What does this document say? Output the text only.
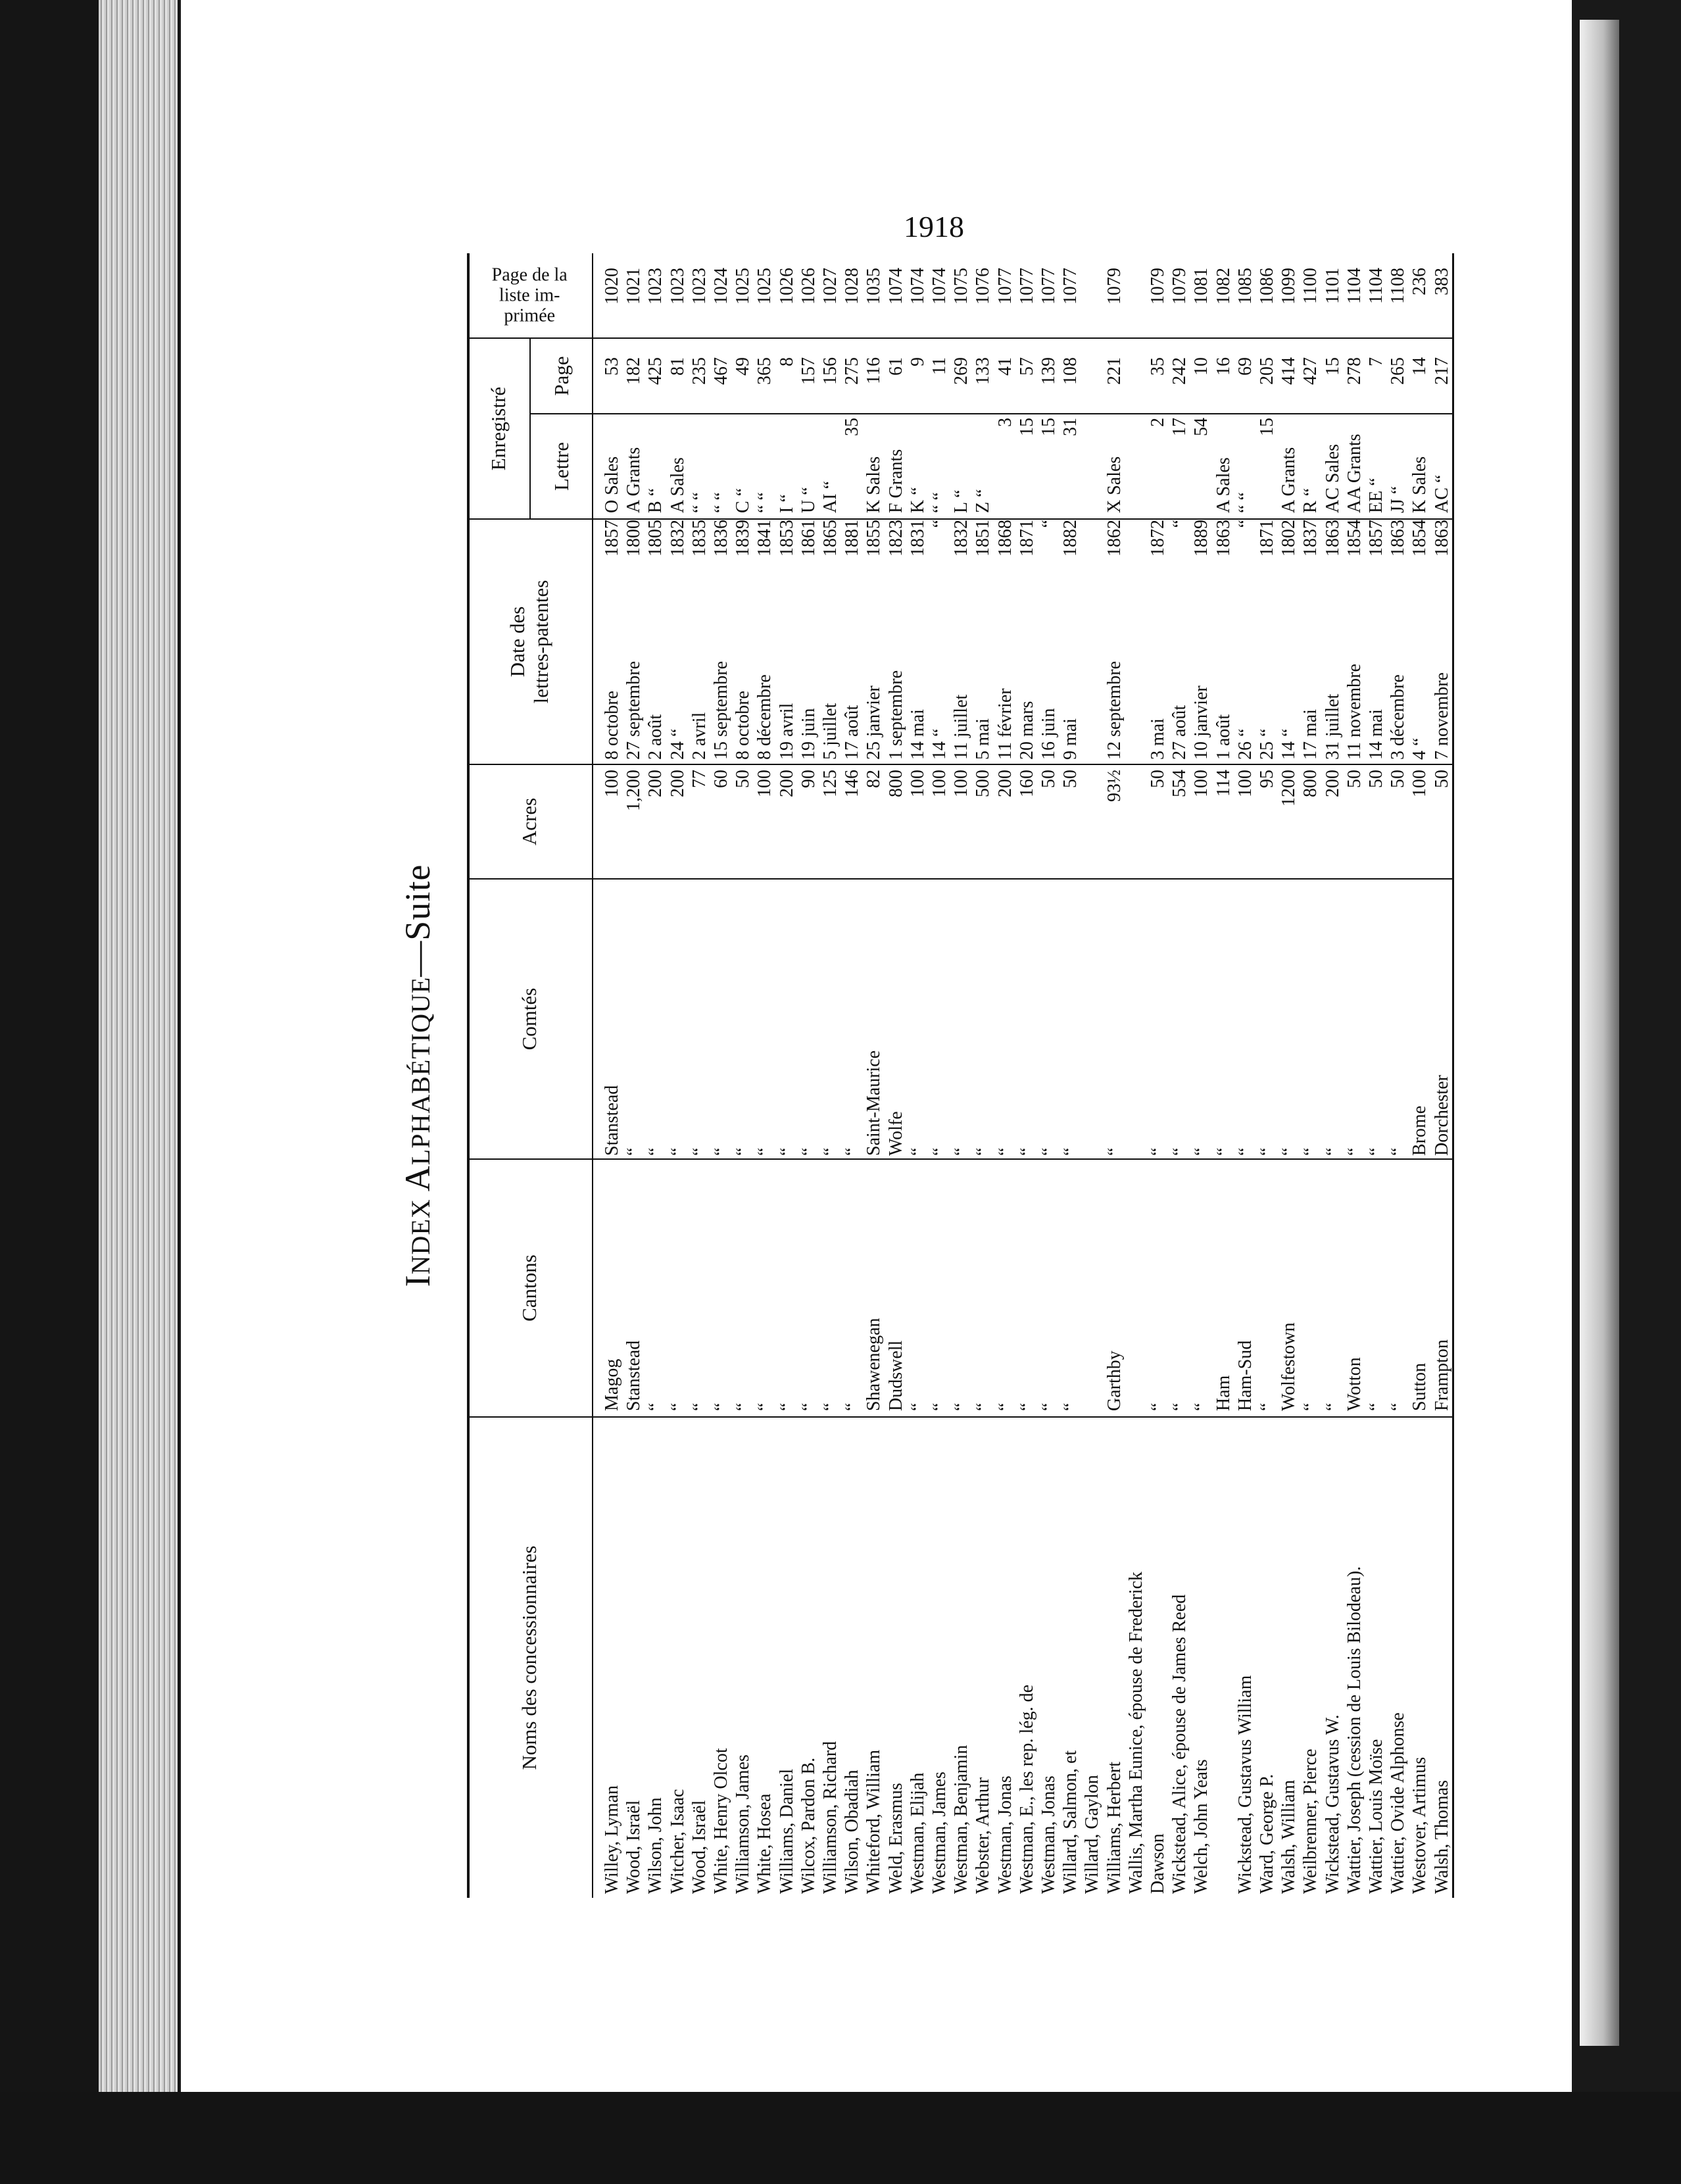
1918
INDEX ALPHABÉTIQUE—Suite
Noms des concessionnaires
Cantons
Comtés
Acres
Date des lettres-patentes
Enregistré	Lettre
Page
Page de la
liste im-
primée
Willey, Lyman
Magog
Stanstead
100
8 octobre
1857
O Sales
53
1020
Wood, Israël
Stanstead
“
1,200
27 septembre
1800
A Grants
182
1021
Wilson, John
“
“
200
2 août
1805
B “
425
1023
Witcher, Isaac
“
“
200
24 “
1832
A Sales
81
1023
Wood, Israël
“
“
77
2 avril
1835
“ “
235
1023
White, Henry Olcot
“
“
60
15 septembre
1836
“ “
467
1024
Williamson, James
“
“
50
8 octobre
1839
C “
49
1025
White, Hosea
“
“
100
8 décembre
1841
“ “
365
1025
Williams, Daniel
“
“
200
19 avril
1853
I “
8
1026
Wilcox, Pardon B.
“
“
90
19 juin
1861
U “
157
1026
Williamson, Richard
“
“
125
5 juillet
1865
AI “
156
1027
Wilson, Obadiah
“
“
146
17 août
1881
35
275
1028
Whiteford, William
Shawenegan
Saint-Maurice
82
25 janvier
1855
K Sales
116
1035
Weld, Erasmus
Dudswell
Wolfe
800
1 septembre
1823
F Grants
61
1074
Westman, Elijah
“
“
100
14 mai
1831
K “
9
1074
Westman, James
“
“
100
14 “
“
“ “
11
1074
Westman, Benjamin
“
“
100
11 juillet
1832
L “
269
1075
Webster, Arthur
“
“
500
5 mai
1851
Z “
133
1076
Westman, Jonas
“
“
200
11 février
1868
3
41
1077
Westman, E., les rep. lég. de
“
“
160
20 mars
1871
15
57
1077
Westman, Jonas
“
“
50
16 juin
“
15
139
1077
Willard, Salmon, et
“
“
50
9 mai
1882
31
108
1077
Willard, Gaylon Williams, Herbert
Garthby
“
93½
12 septembre
1862
X Sales
221
1079
Wallis, Martha Eunice, épouse de Frederick Dawson
“
“
50
3 mai
1872
2
35
1079
Wickstead, Alice, épouse de James Reed
“
“
554
27 août
“
17
242
1079
Welch, John Yeats
“
“
100
10 janvier
1889
54
10
1081
Ham
“
114
1 août
1863
A Sales
16
1082
Wickstead, Gustavus William
Ham-Sud
“
100
26 “
“
“ “
69
1085
Ward, George P.
“
“
95
25 “
1871
15
205
1086
Walsh, William
Wolfestown
“
1200
14 “
1802
A Grants
414
1099
Weilbrenner, Pierce
“
“
800
17 mai
1837
R “
427
1100
Wickstead, Gustavus W.
“
“
200
31 juillet
1863
AC Sales
15
1101
Wattier, Joseph (cession de Louis Bilodeau).
Wotton
“
50
11 novembre
1854
AA Grants
278
1104
Wattier, Louis Moïse
“
“
50
14 mai
1857
EE “
7
1104
Wattier, Ovide Alphonse
“
“
50
3 décembre
1863
JJ “
265
1108
Westover, Artimus
Sutton
Brome
100
4 “
1854
K Sales
14
236
Walsh, Thomas
Frampton
Dorchester
50
7 novembre
1863
AC “
217
383
